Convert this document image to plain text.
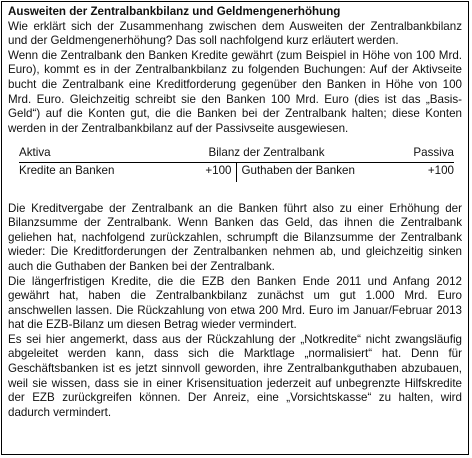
Ausweiten der Zentralbankbilanz und Geldmengenerhöhung

Wie erklärt sich der Zusammenhang zwischen dem Ausweiten der Zentralbankbilanz und der Geldmengenerhöhung? Das soll nachfolgend kurz erläutert werden.

Wenn die Zentralbank den Banken Kredite gewährt (zum Beispiel in Höhe von 100 Mrd. Euro), kommt es in der Zentralbankbilanz zu folgenden Buchungen: Auf der Aktivseite bucht die Zentralbank eine Kreditforderung gegenüber den Banken in Höhe von 100 Mrd. Euro. Gleichzeitig schreibt sie den Banken 100 Mrd. Euro (dies ist das „Basis-Geld“) auf die Konten gut, die die Banken bei der Zentralbank halten; diese Konten werden in der Zentralbankbilanz auf der Passivseite ausgewiesen.

Aktiva	Bilanz der Zentralbank	Passiva
Kredite an Banken	+100 Guthaben der Banken	+100

Die Kreditvergabe der Zentralbank an die Banken führt also zu einer Erhöhung der Bilanzsumme der Zentralbank. Wenn Banken das Geld, das ihnen die Zentralbank geliehen hat, nachfolgend zurückzahlen, schrumpft die Bilanzsumme der Zentralbank wieder: Die Kreditforderungen der Zentralbanken nehmen ab, und gleichzeitig sinken auch die Guthaben der Banken bei der Zentralbank.

Die längerfristigen Kredite, die die EZB den Banken Ende 2011 und Anfang 2012 gewährt hat, haben die Zentralbankbilanz zunächst um gut 1.000 Mrd. Euro anschwellen lassen. Die Rückzahlung von etwa 200 Mrd. Euro im Januar/Februar 2013 hat die EZB-Bilanz um diesen Betrag wieder vermindert.

Es sei hier angemerkt, dass aus der Rückzahlung der „Notkredite“ nicht zwangsläufig abgeleitet werden kann, dass sich die Marktlage „normalisiert“ hat. Denn für Geschäftsbanken ist es jetzt sinnvoll geworden, ihre Zentralbankguthaben abzubauen, weil sie wissen, dass sie in einer Krisensituation jederzeit auf unbegrenzte Hilfskredite der EZB zurückgreifen können. Der Anreiz, eine „Vorsichtskasse“ zu halten, wird dadurch vermindert.
